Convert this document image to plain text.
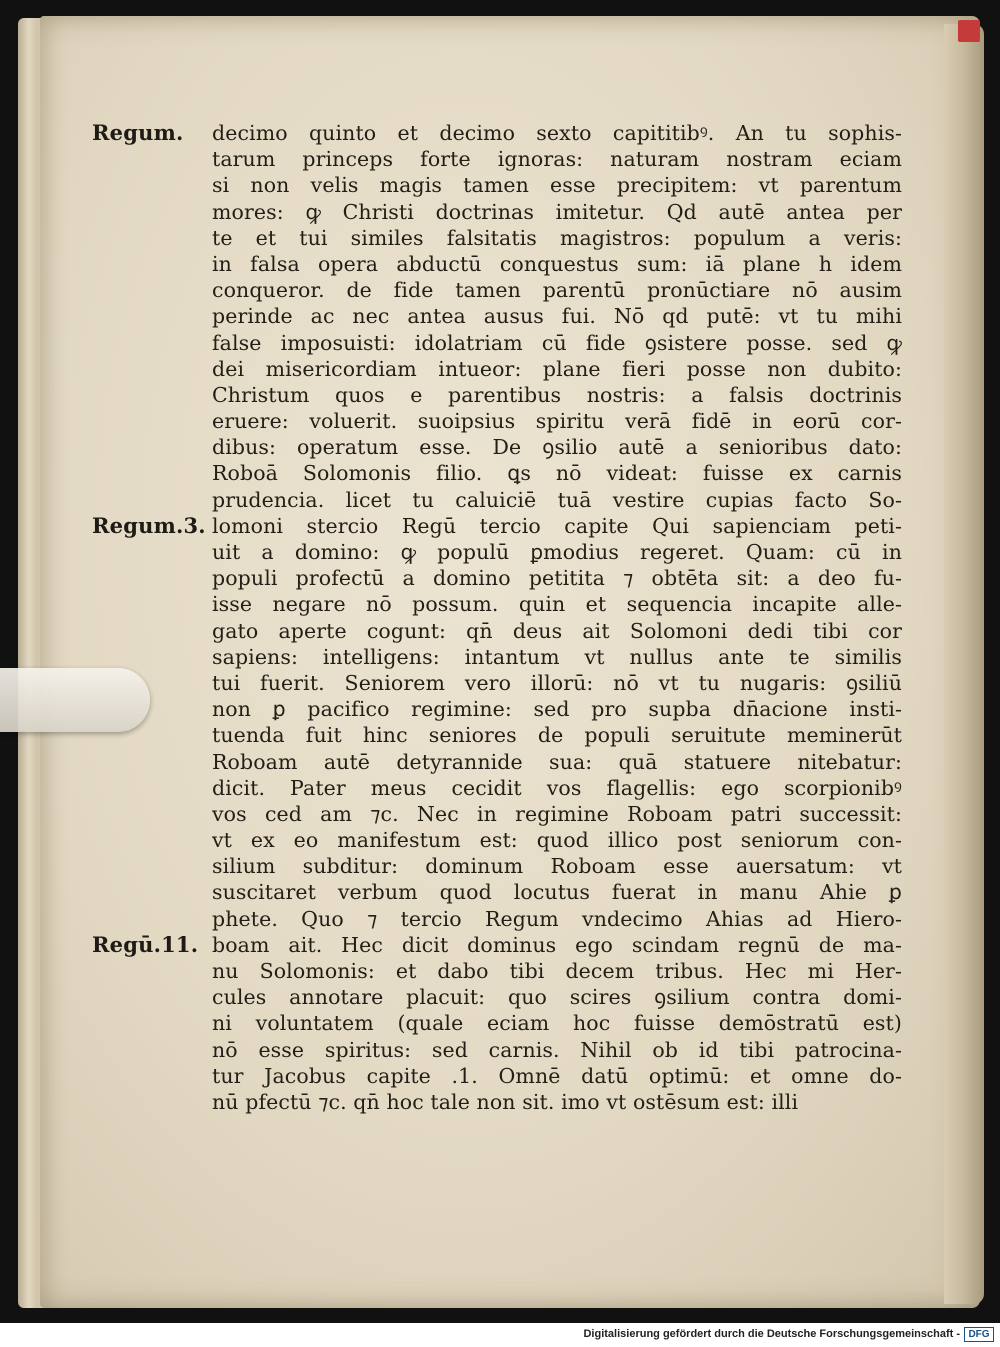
Regum.
Regum.3.
Regū.11.
decimo quinto et decimo sexto capititibꝰ. An tu sophis-
tarum princeps forte ignoras: naturam nostram eciam
si non velis magis tamen esse precipitem: vt parentum
mores: ꝙ Christi doctrinas imitetur. Qd autē antea per
te et tui similes falsitatis magistros: populum a veris:
in falsa opera abductū conquestus sum: iā plane h idem
conqueror. de fide tamen parentū pronūctiare nō ausim
perinde ac nec antea ausus fui. Nō qd putē: vt tu mihi
false imposuisti: idolatriam cū fide ꝯsistere posse. sed ꝙ
dei misericordiam intueor: plane fieri posse non dubito:
Christum quos e parentibus nostris: a falsis doctrinis
eruere: voluerit. suoipsius spiritu verā fidē in eorū cor-
dibus: operatum esse. De ꝯsilio autē a senioribus dato:
Roboā Solomonis filio. ꝗs nō videat: fuisse ex carnis
prudencia. licet tu caluiciē tuā vestire cupias facto So-
lomoni stercio Regū tercio capite Qui sapienciam peti-
uit a domino: ꝙ populū ꝑmodius regeret. Quam: cū in
populi profectū a domino petitita ⁊ obtēta sit: a deo fu-
isse negare nō possum. quin et sequencia incapite alle-
gato aperte cogunt: qn̄ deus ait Solomoni dedi tibi cor
sapiens: intelligens: intantum vt nullus ante te similis
tui fuerit. Seniorem vero illorū: nō vt tu nugaris: ꝯsiliū
non ꝑ pacifico regimine: sed pro supba dn̄acione insti-
tuenda fuit hinc seniores de populi seruitute meminerūt
Roboam autē detyrannide sua: quā statuere nitebatur:
dicit. Pater meus cecidit vos flagellis: ego scorpionibꝰ
vos ced am ⁊c. Nec in regimine Roboam patri successit:
vt ex eo manifestum est: quod illico post seniorum con-
silium subditur: dominum Roboam esse auersatum: vt
suscitaret verbum quod locutus fuerat in manu Ahie ꝑ
phete. Quo ⁊ tercio Regum vndecimo Ahias ad Hiero-
boam ait. Hec dicit dominus ego scindam regnū de ma-
nu Solomonis: et dabo tibi decem tribus. Hec mi Her-
cules annotare placuit: quo scires ꝯsilium contra domi-
ni voluntatem (quale eciam hoc fuisse demōstratū est)
nō esse spiritus: sed carnis. Nihil ob id tibi patrocina-
tur Jacobus capite .1. Omnē datū optimū: et omne do-
nū pfectū ⁊c. qn̄ hoc tale non sit. imo vt ostēsum est: illi
Digitalisierung gefördert durch die Deutsche Forschungsgemeinschaft - DFG
